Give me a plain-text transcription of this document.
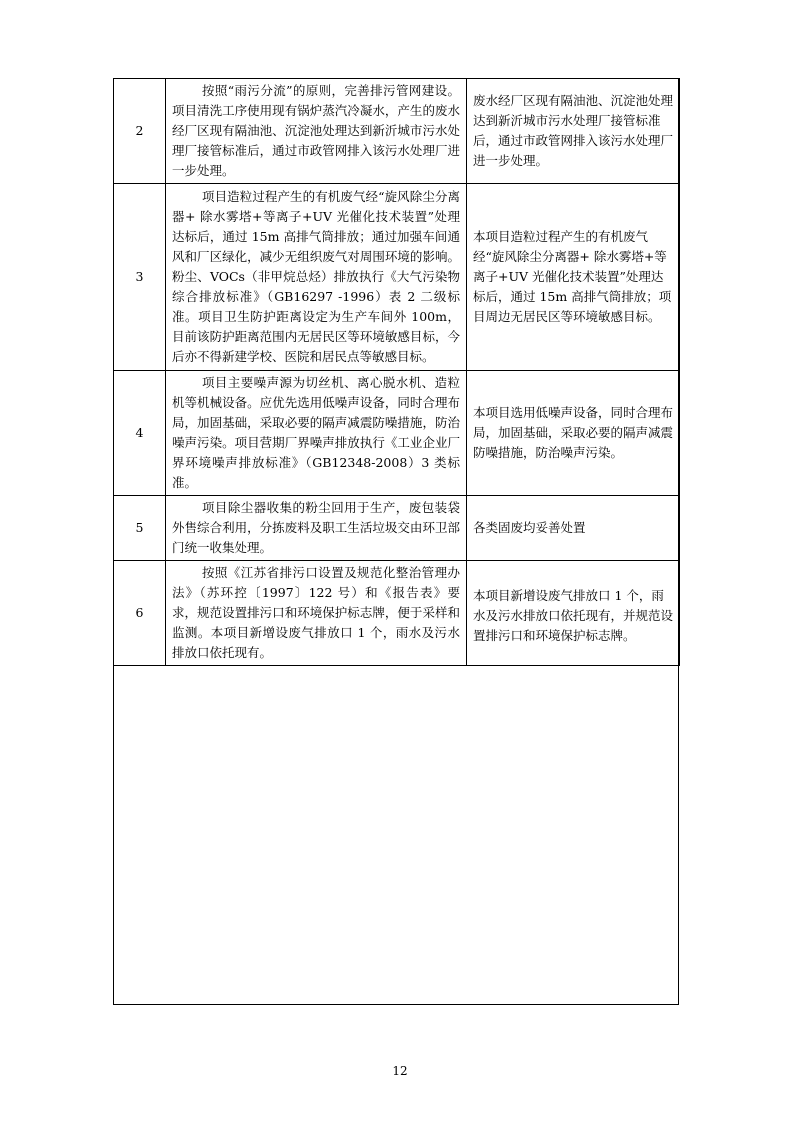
2	按照“雨污分流”的原则，完善排污管网建设。项目清洗工序使用现有锅炉蒸汽冷凝水，产生的废水经厂区现有隔油池、沉淀池处理达到新沂城市污水处理厂接管标准后，通过市政管网排入该污水处理厂进一步处理。	废水经厂区现有隔油池、沉淀池处理达到新沂城市污水处理厂接管标准后，通过市政管网排入该污水处理厂进一步处理。

3	项目造粒过程产生的有机废气经“旋风除尘分离器+ 除水雾塔+等离子+UV 光催化技术装置”处理达标后，通过 15m 高排气筒排放；通过加强车间通风和厂区绿化，减少无组织废气对周围环境的影响。粉尘、VOCs（非甲烷总烃）排放执行《大气污染物综合排放标准》（GB16297 -1996）表 2 二级标准。项目卫生防护距离设定为生产车间外 100m，目前该防护距离范围内无居民区等环境敏感目标，今后亦不得新建学校、医院和居民点等敏感目标。	本项目造粒过程产生的有机废气经“旋风除尘分离器+ 除水雾塔+等离子+UV 光催化技术装置”处理达标后，通过 15m 高排气筒排放；项目周边无居民区等环境敏感目标。

4	项目主要噪声源为切丝机、离心脱水机、造粒机等机械设备。应优先选用低噪声设备，同时合理布局，加固基础，采取必要的隔声减震防噪措施，防治噪声污染。项目营期厂界噪声排放执行《工业企业厂界环境噪声排放标准》（GB12348-2008）3 类标准。	本项目选用低噪声设备，同时合理布局，加固基础，采取必要的隔声减震防噪措施，防治噪声污染。

5	项目除尘器收集的粉尘回用于生产，废包装袋外售综合利用，分拣废料及职工生活垃圾交由环卫部门统一收集处理。	各类固废均妥善处置

6	按照《江苏省排污口设置及规范化整治管理办法》（苏环控〔1997〕122 号）和《报告表》要求，规范设置排污口和环境保护标志牌，便于采样和监测。本项目新增设废气排放口 1 个，雨水及污水排放口依托现有。	本项目新增设废气排放口 1 个，雨水及污水排放口依托现有，并规范设置排污口和环境保护标志牌。
12
